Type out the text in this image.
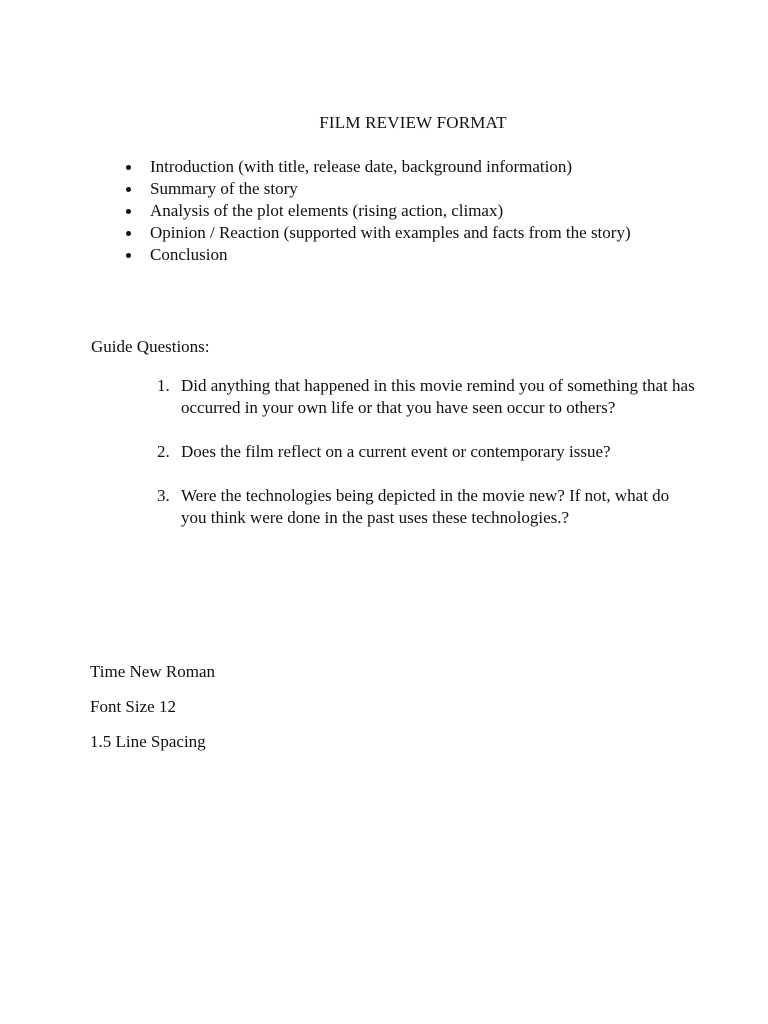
FILM REVIEW FORMAT
Introduction (with title, release date, background information)
Summary of the story
Analysis of the plot elements (rising action, climax)
Opinion / Reaction (supported with examples and facts from the story)
Conclusion
Guide Questions:
1. Did anything that happened in this movie remind you of something that has occurred in your own life or that you have seen occur to others?
2. Does the film reflect on a current event or contemporary issue?
3. Were the technologies being depicted in the movie new? If not, what do you think were done in the past uses these technologies.?
Time New Roman
Font Size 12
1.5 Line Spacing
